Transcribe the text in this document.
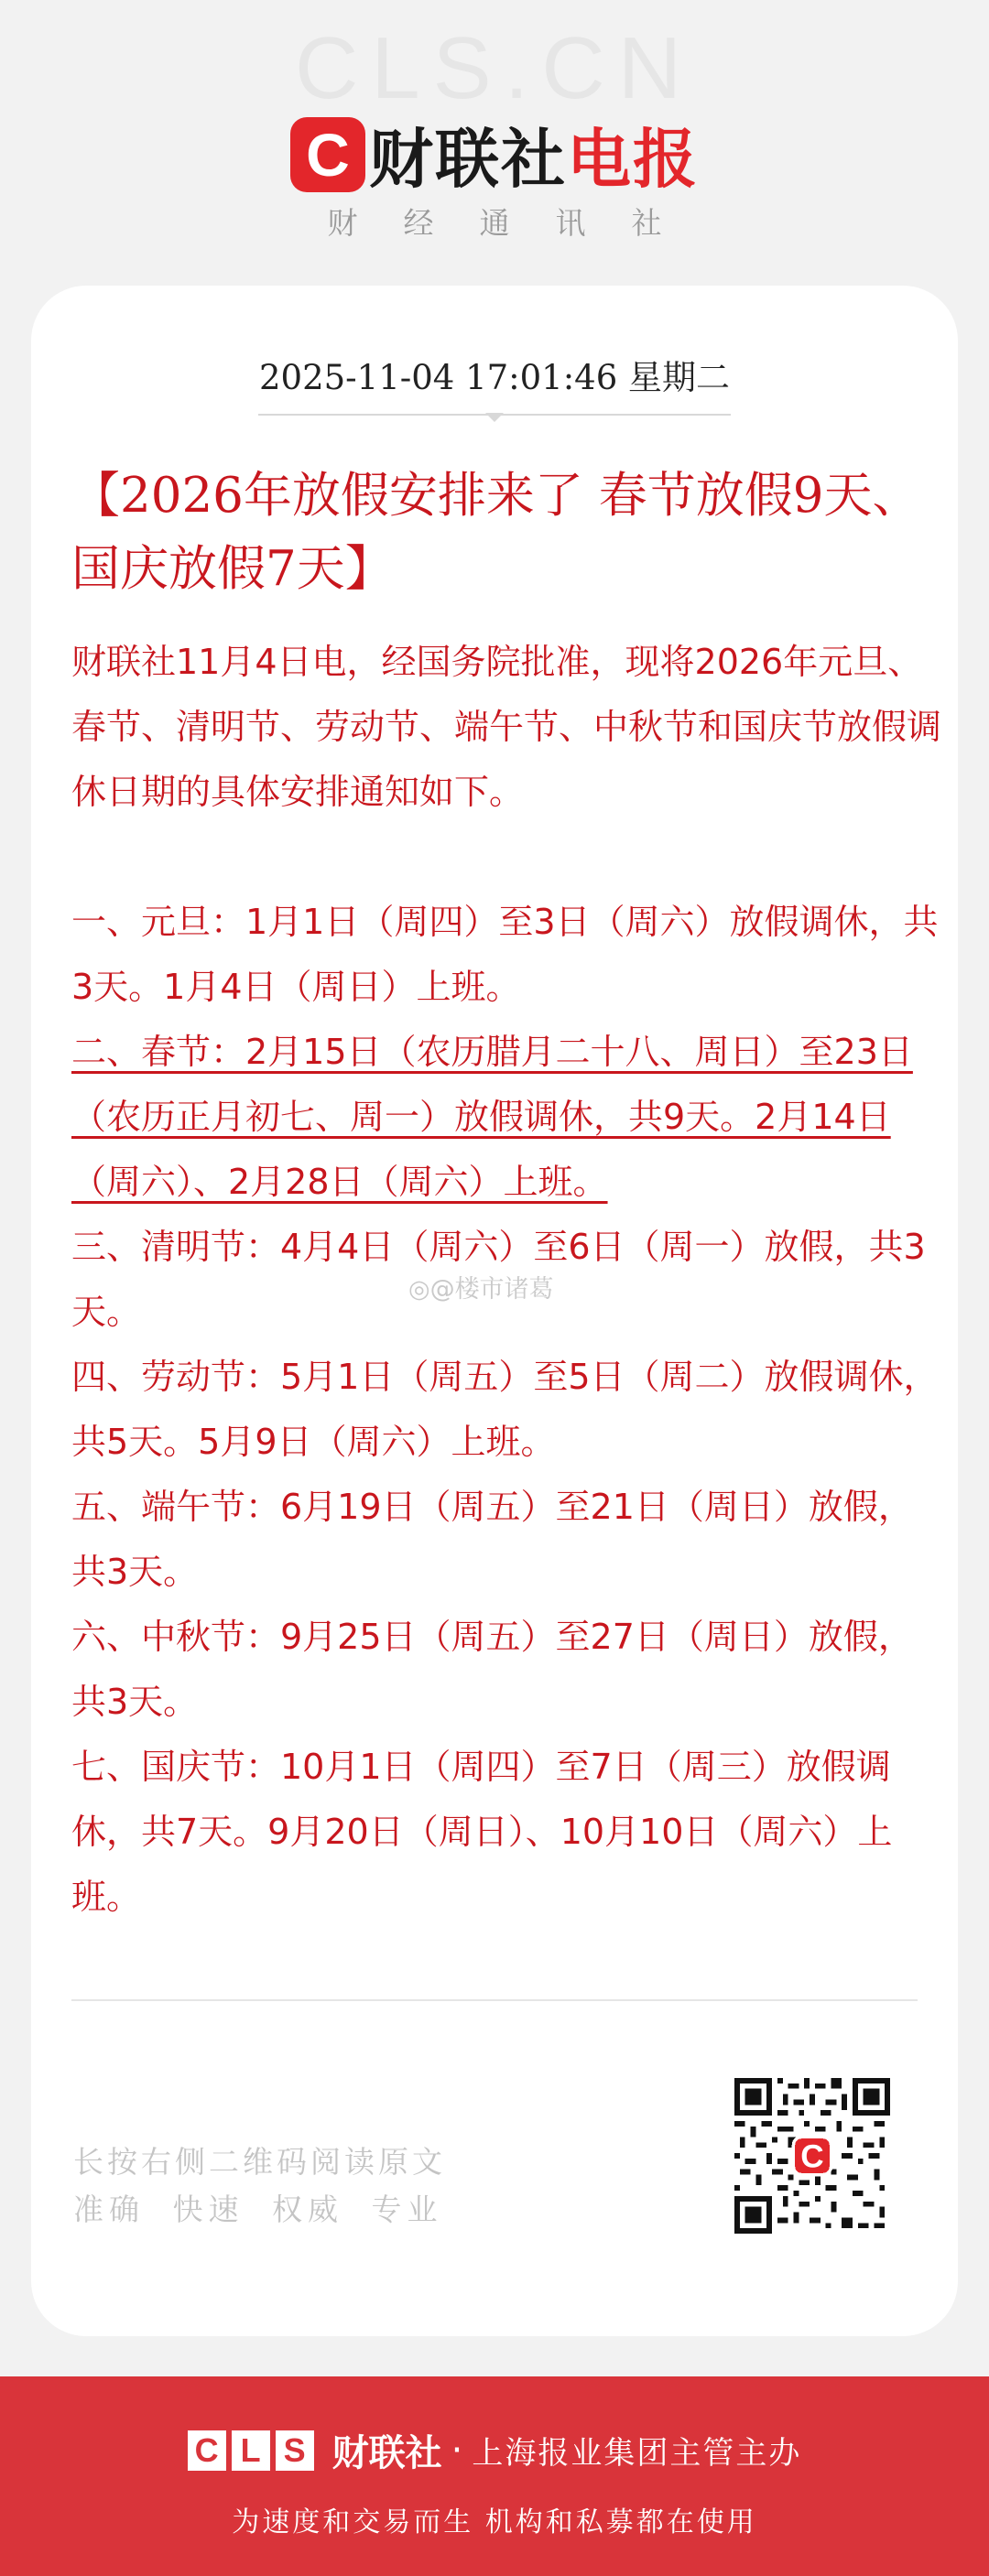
CLS.CN
C 财联社电报
财经通讯社
2025-11-04 17:01:46 星期二
【2026年放假安排来了 春节放假9天、国庆放假7天】

财联社11月4日电，经国务院批准，现将2026年元旦、春节、清明节、劳动节、端午节、中秋节和国庆节放假调休日期的具体安排通知如下。

一、元旦：1月1日（周四）至3日（周六）放假调休，共3天。1月4日（周日）上班。

二、春节：2月15日（农历腊月二十八、周日）至23日（农历正月初七、周一）放假调休，共9天。2月14日（周六）、2月28日（周六）上班。

三、清明节：4月4日（周六）至6日（周一）放假，共3天。

四、劳动节：5月1日（周五）至5日（周二）放假调休，共5天。5月9日（周六）上班。

五、端午节：6月19日（周五）至21日（周日）放假，共3天。

六、中秋节：9月25日（周五）至27日（周日）放假，共3天。

七、国庆节：10月1日（周四）至7日（周三）放假调休，共7天。9月20日（周日）、10月10日（周六）上班。

◎@楼市诸葛
长按右侧二维码阅读原文
准确 快速 权威 专业
C
C L S 财联社 · 上海报业集团主管主办
为速度和交易而生 机构和私募都在使用
